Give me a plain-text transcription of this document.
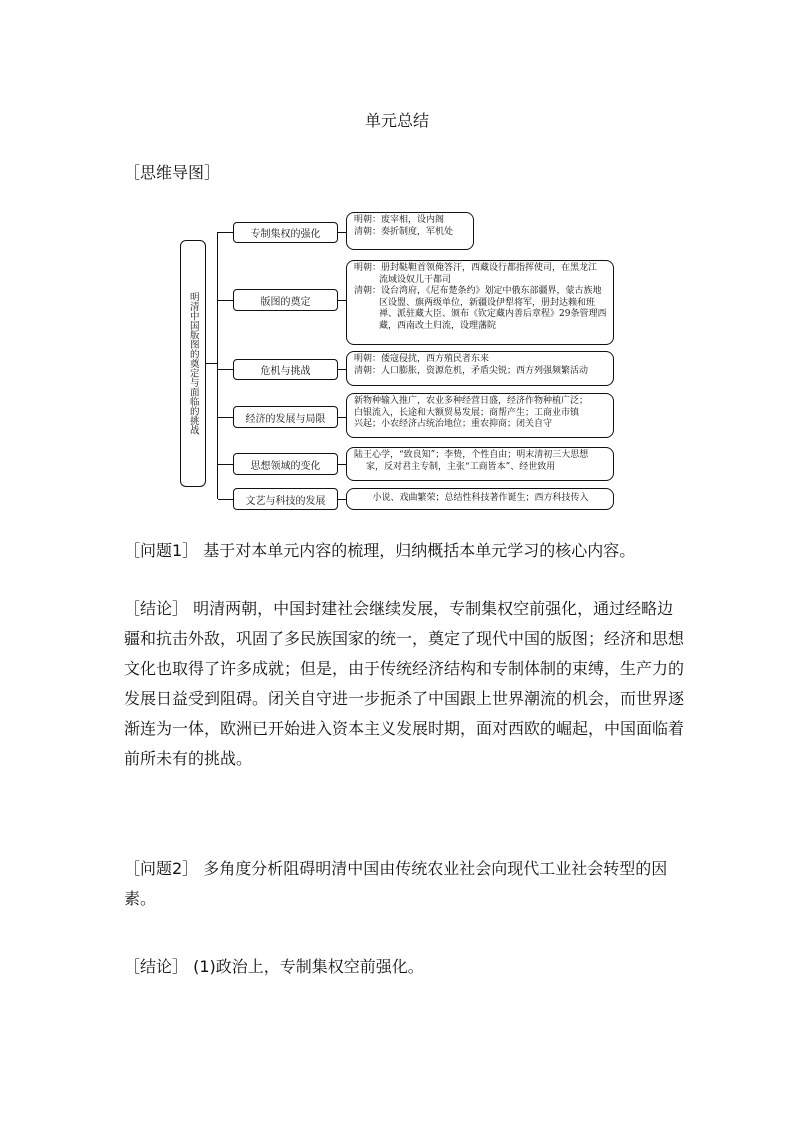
单元总结
［思维导图］
明清中国版图的奠定与面临的挑战
专制集权的强化

明朝：废宰相，设内阁

清朝：奏折制度，军机处

版图的奠定

明朝：册封鞑靼首领俺答汗，西藏设行都指挥使司，在黑龙江

流域设奴儿干都司

清朝：设台湾府，《尼布楚条约》划定中俄东部疆界，蒙古族地

区设盟、旗两级单位，新疆设伊犁将军，册封达赖和班

禅、派驻藏大臣、颁布《钦定藏内善后章程》29条管理西

藏，西南改土归流，设理藩院

危机与挑战

明朝：倭寇侵扰，西方殖民者东来

清朝：人口膨胀，资源危机，矛盾尖锐；西方列强频繁活动

经济的发展与局限

新物种输入推广，农业多种经营日盛，经济作物种植广泛；

白银流入，长途和大额贸易发展；商帮产生；工商业市镇

兴起；小农经济占统治地位；重农抑商；闭关自守

思想领域的变化

陆王心学，“致良知”；李贽，个性自由；明末清初三大思想

家，反对君主专制，主张“工商皆本”、经世致用

文艺与科技的发展	小说、戏曲繁荣；总结性科技著作诞生；西方科技传入

［问题1］ 基于对本单元内容的梳理，归纳概括本单元学习的核心内容。

［结论］ 明清两朝，中国封建社会继续发展，专制集权空前强化，通过经略边疆和抗击外敌，巩固了多民族国家的统一，奠定了现代中国的版图；经济和思想文化也取得了许多成就；但是，由于传统经济结构和专制体制的束缚，生产力的发展日益受到阻碍。闭关自守进一步扼杀了中国跟上世界潮流的机会，而世界逐渐连为一体，欧洲已开始进入资本主义发展时期，面对西欧的崛起，中国面临着前所未有的挑战。

［问题2］ 多角度分析阻碍明清中国由传统农业社会向现代工业社会转型的因素。

［结论］ (1)政治上，专制集权空前强化。
